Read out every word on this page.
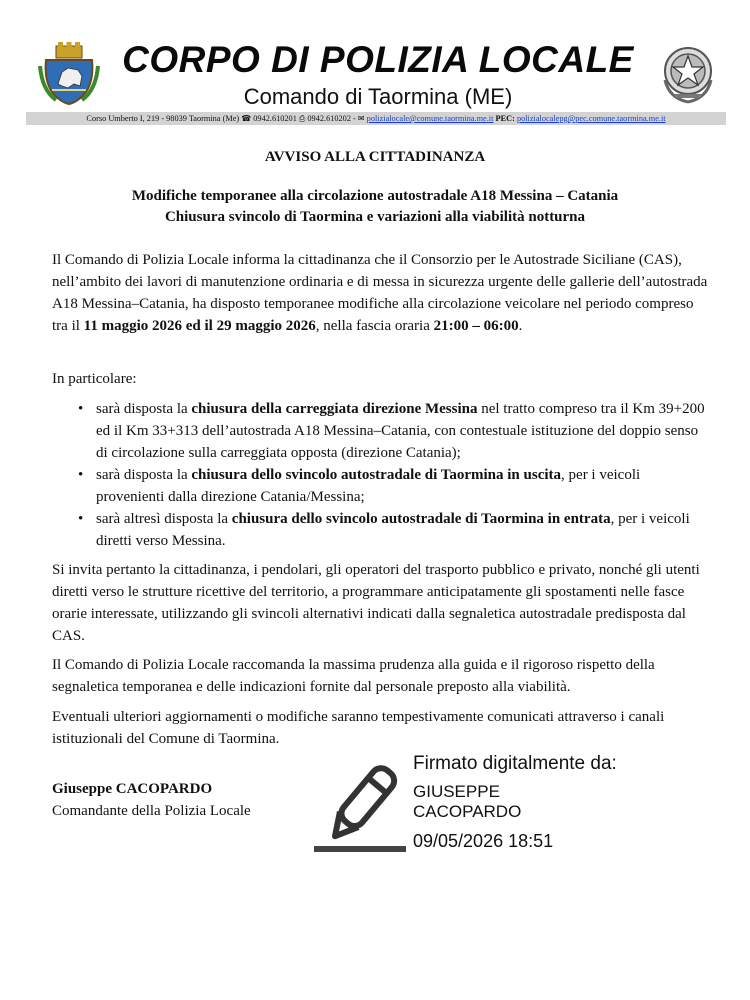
CORPO DI POLIZIA LOCALE
Comando di Taormina (ME)
Corso Umberto I, 219 - 98039 Taormina (Me) ☎ 0942.610201 ⎙ 0942.610202 - ✉ polizialocale@comune.taormina.me.it PEC: polizialocalepg@pec.comune.taormina.me.it
AVVISO ALLA CITTADINANZA
Modifiche temporanee alla circolazione autostradale A18 Messina – Catania
Chiusura svincolo di Taormina e variazioni alla viabilità notturna
Il Comando di Polizia Locale informa la cittadinanza che il Consorzio per le Autostrade Siciliane (CAS), nell’ambito dei lavori di manutenzione ordinaria e di messa in sicurezza urgente delle gallerie dell’autostrada A18 Messina–Catania, ha disposto temporanee modifiche alla circolazione veicolare nel periodo compreso tra il 11 maggio 2026 ed il 29 maggio 2026, nella fascia oraria 21:00 – 06:00.
In particolare:
• sarà disposta la chiusura della carreggiata direzione Messina nel tratto compreso tra il Km 39+200 ed il Km 33+313 dell’autostrada A18 Messina–Catania, con contestuale istituzione del doppio senso di circolazione sulla carreggiata opposta (direzione Catania);
• sarà disposta la chiusura dello svincolo autostradale di Taormina in uscita, per i veicoli provenienti dalla direzione Catania/Messina;
• sarà altresì disposta la chiusura dello svincolo autostradale di Taormina in entrata, per i veicoli diretti verso Messina.
Si invita pertanto la cittadinanza, i pendolari, gli operatori del trasporto pubblico e privato, nonché gli utenti diretti verso le strutture ricettive del territorio, a programmare anticipatamente gli spostamenti nelle fasce orarie interessate, utilizzando gli svincoli alternativi indicati dalla segnaletica autostradale predisposta dal CAS.
Il Comando di Polizia Locale raccomanda la massima prudenza alla guida e il rigoroso rispetto della segnaletica temporanea e delle indicazioni fornite dal personale preposto alla viabilità.
Eventuali ulteriori aggiornamenti o modifiche saranno tempestivamente comunicati attraverso i canali istituzionali del Comune di Taormina.
Giuseppe CACOPARDO
Comandante della Polizia Locale
Firmato digitalmente da:
GIUSEPPE
CACOPARDO
09/05/2026 18:51
